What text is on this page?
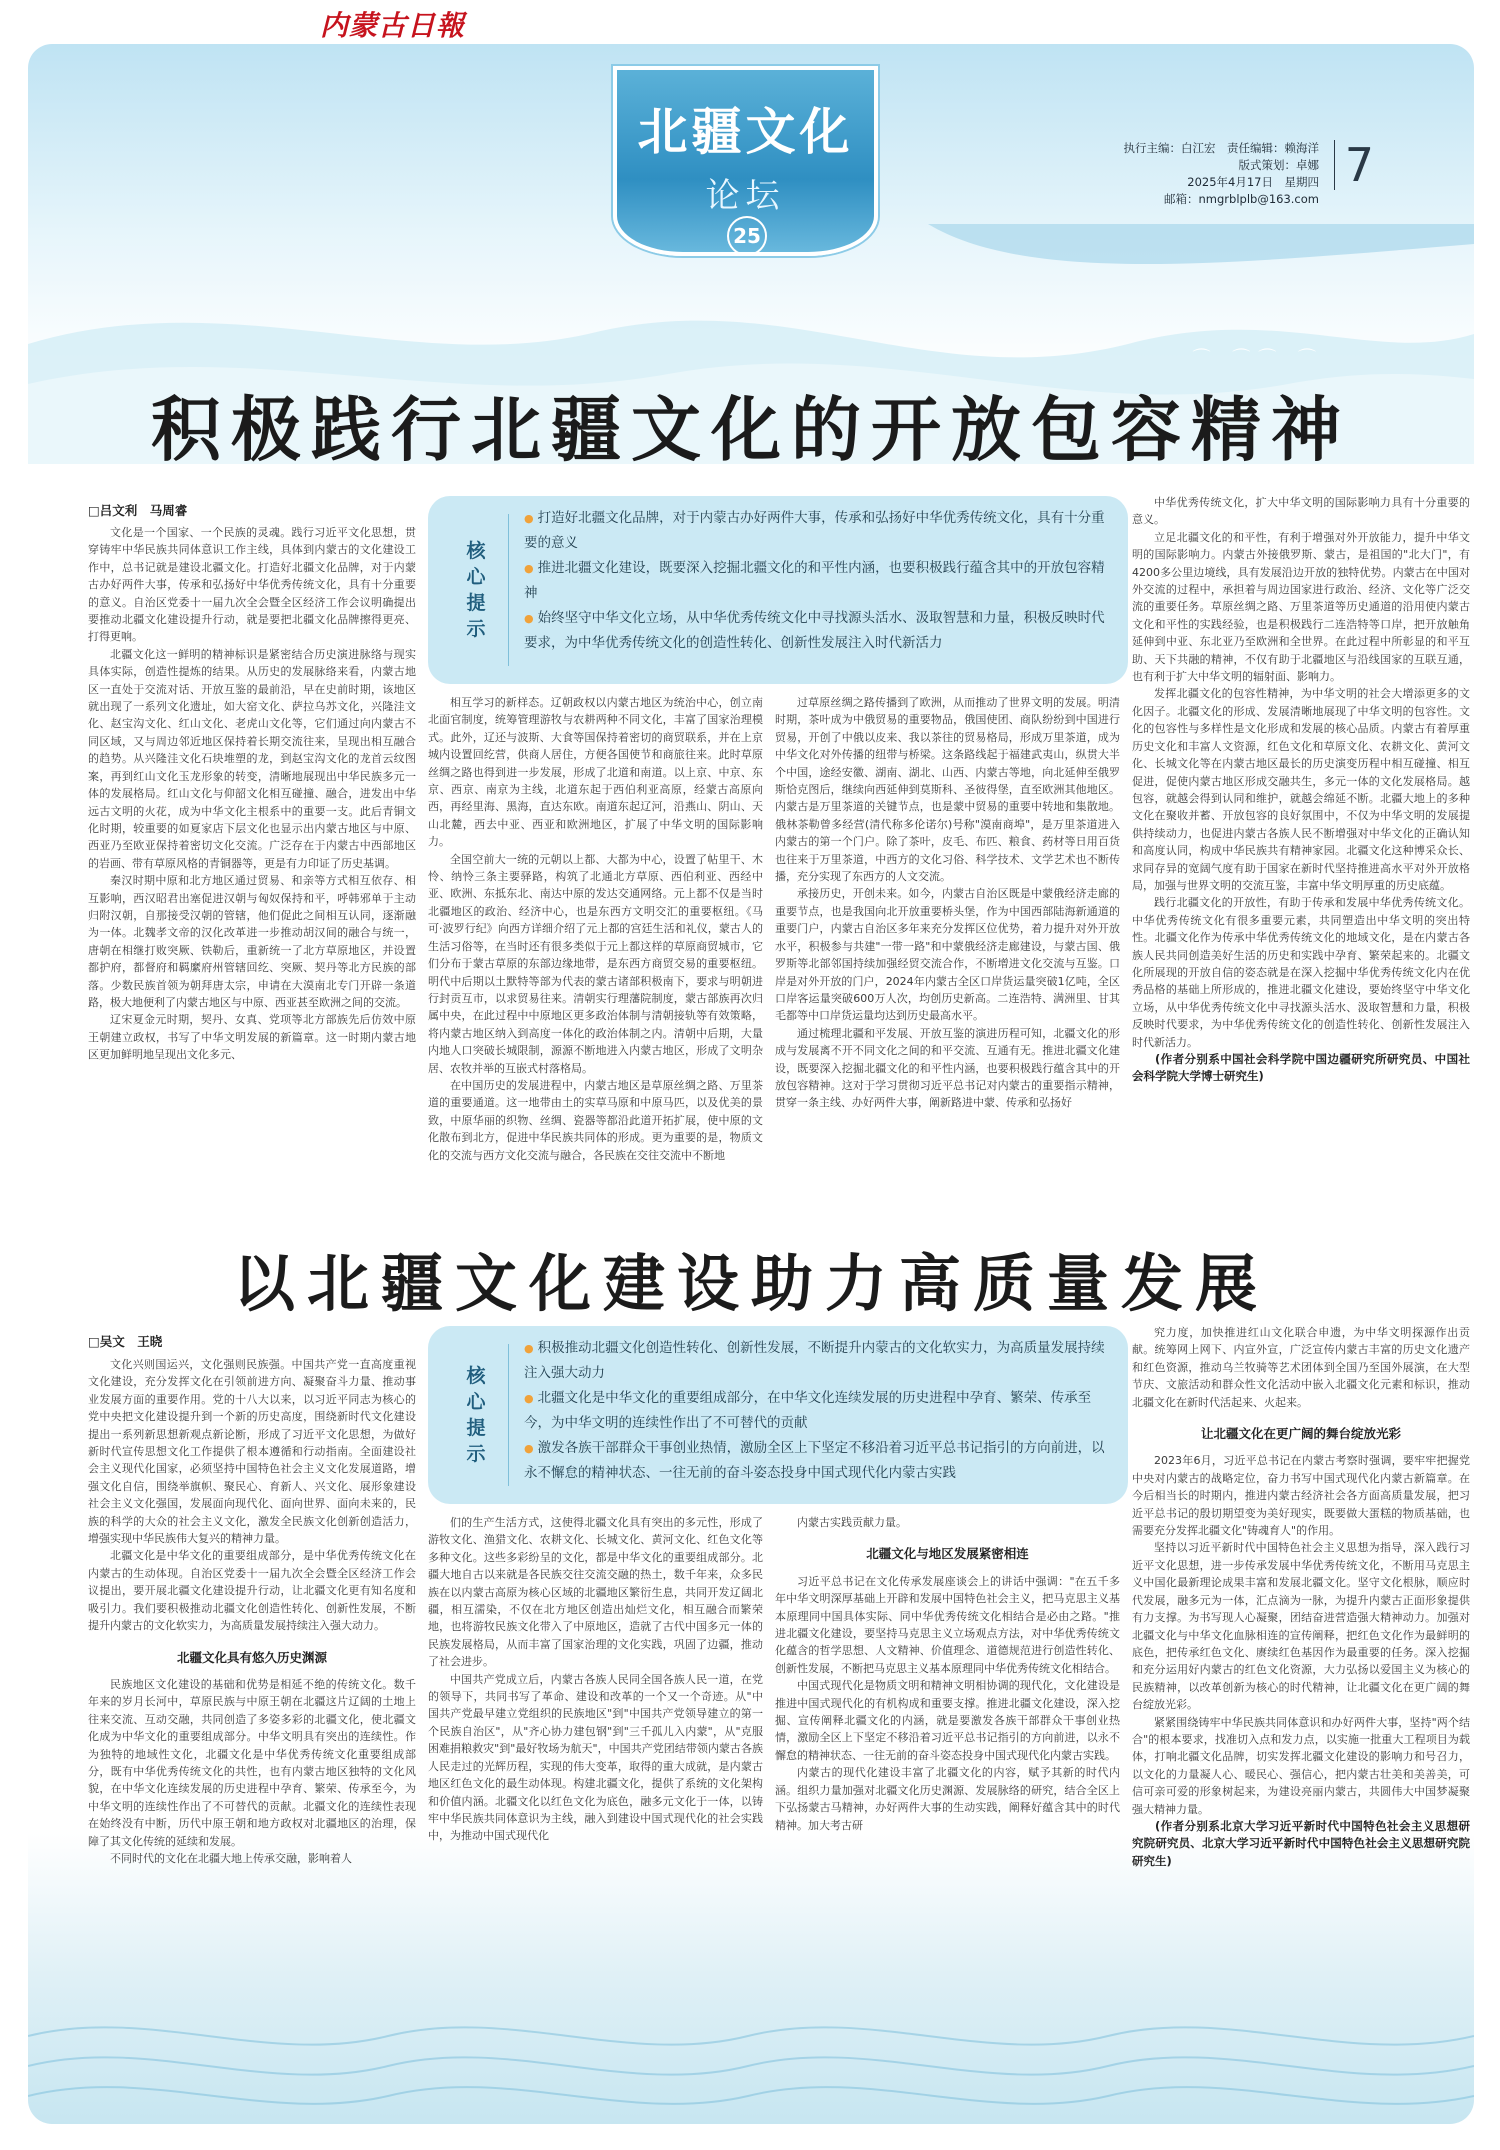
⌒ ⌒⌒ ⌒
北疆文化
论坛
25
执行主编：白江宏　责任编辑：赖海洋
版式策划：卓娜
2025年4月17日　星期四
邮箱：nmgrblplb@163.com
7
积极践行北疆文化的开放包容精神
□吕文利　马周睿
核心提示

● 打造好北疆文化品牌，对于内蒙古办好两件大事，传承和弘扬好中华优秀传统文化，具有十分重要的意义

● 推进北疆文化建设，既要深入挖掘北疆文化的和平性内涵，也要积极践行蕴含其中的开放包容精神

● 始终坚守中华文化立场，从中华优秀传统文化中寻找源头活水、汲取智慧和力量，积极反映时代要求，为中华优秀传统文化的创造性转化、创新性发展注入时代新活力

文化是一个国家、一个民族的灵魂。践行习近平文化思想，贯穿铸牢中华民族共同体意识工作主线，具体到内蒙古的文化建设工作中，总书记就是建设北疆文化。打造好北疆文化品牌，对于内蒙古办好两件大事，传承和弘扬好中华优秀传统文化，具有十分重要的意义。自治区党委十一届九次全会暨全区经济工作会议明确提出要推动北疆文化建设提升行动，就是要把北疆文化品牌擦得更亮、打得更响。

北疆文化这一鲜明的精神标识是紧密结合历史演进脉络与现实具体实际，创造性提炼的结果。从历史的发展脉络来看，内蒙古地区一直处于交流对话、开放互鉴的最前沿，早在史前时期，该地区就出现了一系列文化遗址，如大窑文化、萨拉乌苏文化，兴隆洼文化、赵宝沟文化、红山文化、老虎山文化等，它们通过向内蒙古不同区域，又与周边邻近地区保持着长期交流往来，呈现出相互融合的趋势。从兴隆洼文化石块堆塑的龙，到赵宝沟文化的龙首云纹图案，再到红山文化玉龙形象的转变，清晰地展现出中华民族多元一体的发展格局。红山文化与仰韶文化相互碰撞、融合，进发出中华远古文明的火花，成为中华文化主根系中的重要一支。此后青铜文化时期，较重要的如夏家店下层文化也显示出内蒙古地区与中原、西亚乃至欧亚保持着密切文化交流。广泛存在于内蒙古中西部地区的岩画、带有草原风格的青铜器等，更是有力印证了历史基调。

秦汉时期中原和北方地区通过贸易、和亲等方式相互依存、相互影响，西汉昭君出塞促进汉朝与匈奴保持和平，呼韩邪单于主动归附汉朝，自那接受汉朝的管辖，他们促此之间相互认同，逐渐融为一体。北魏孝文帝的汉化改革进一步推动胡汉间的融合与统一，唐朝在相继打败突厥、铁勒后，重新统一了北方草原地区，并设置都护府，都督府和羁縻府州管辖回纥、突厥、契丹等北方民族的部落。少数民族首领为朝拜唐太宗，申请在大漠南北专门开辟一条道路，极大地便利了内蒙古地区与中原、西亚甚至欧洲之间的交流。

辽宋夏金元时期，契丹、女真、党项等北方部族先后仿效中原王朝建立政权，书写了中华文明发展的新篇章。这一时期内蒙古地区更加鲜明地呈现出文化多元、

相互学习的新样态。辽朝政权以内蒙古地区为统治中心，创立南北面官制度，统筹管理游牧与农耕两种不同文化，丰富了国家治理模式。此外，辽还与波斯、大食等国保持着密切的商贸联系，并在上京城内设置回纥营，供商人居住，方便各国使节和商旅往来。此时草原丝绸之路也得到进一步发展，形成了北道和南道。以上京、中京、东京、西京、南京为主线，北道东起于西伯利亚高原，经蒙古高原向西，再经里海、黑海，直达东欧。南道东起辽河，沿燕山、阴山、天山北麓，西去中亚、西亚和欧洲地区，扩展了中华文明的国际影响力。

全国空前大一统的元朝以上都、大都为中心，设置了帖里干、木怜、纳怜三条主要驿路，构筑了北通北方草原、西伯利亚、西经中亚、欧洲、东抵东北、南达中原的发达交通网络。元上都不仅是当时北疆地区的政治、经济中心，也是东西方文明交汇的重要枢纽。《马可·波罗行纪》向西方详细介绍了元上都的宫廷生活和礼仪，蒙古人的生活习俗等，在当时还有很多类似于元上都这样的草原商贸城市，它们分布于蒙古草原的东部边缘地带，是东西方商贸交易的重要枢纽。明代中后期以土默特等部为代表的蒙古诸部积极南下，要求与明朝进行封贡互市，以求贸易往来。清朝实行理藩院制度，蒙古部族再次归属中央，在此过程中中原地区更多政治体制与清朝接轨等有效策略，将内蒙古地区纳入到高度一体化的政治体制之内。清朝中后期，大量内地人口突破长城限制，源源不断地进入内蒙古地区，形成了文明杂居、农牧并举的互嵌式村落格局。

在中国历史的发展进程中，内蒙古地区是草原丝绸之路、万里茶道的重要通道。这一地带由土的实草马原和中原马匹，以及优美的景致，中原华丽的织物、丝绸、瓷器等都沿此道开拓扩展，使中原的文化散布到北方，促进中华民族共同体的形成。更为重要的是，物质文化的交流与西方文化交流与融合，各民族在交往交流中不断地

过草原丝绸之路传播到了欧洲，从而推动了世界文明的发展。明清时期，茶叶成为中俄贸易的重要物品，俄国使团、商队纷纷到中国进行贸易，开创了中俄以皮来、我以茶往的贸易格局，形成万里茶道，成为中华文化对外传播的纽带与桥梁。这条路线起于福建武夷山，纵贯大半个中国，途经安徽、湖南、湖北、山西、内蒙古等地，向北延伸至俄罗斯恰克图后，继续向西延伸到莫斯科、圣彼得堡，直至欧洲其他地区。内蒙古是万里茶道的关键节点，也是蒙中贸易的重要中转地和集散地。俄林茶勒曾多经营(清代称多伦诺尔)号称"漠南商埠"，是万里茶道进入内蒙古的第一个门户。除了茶叶，皮毛、布匹、粮食、药材等日用百货也往来于万里茶道，中西方的文化习俗、科学技术、文学艺术也不断传播，充分实现了东西方的人文交流。

承接历史，开创未来。如今，内蒙古自治区既是中蒙俄经济走廊的重要节点，也是我国向北开放重要桥头堡，作为中国西部陆海新通道的重要门户，内蒙古自治区多年来充分发挥区位优势，着力提升对外开放水平，积极参与共建"一带一路"和中蒙俄经济走廊建设，与蒙古国、俄罗斯等北部邻国持续加强经贸交流合作，不断增进文化交流与互鉴。口岸是对外开放的门户，2024年内蒙古全区口岸货运量突破1亿吨，全区口岸客运量突破600万人次，均创历史新高。二连浩特、满洲里、甘其毛都等中口岸货运量均达到历史最高水平。

通过梳理北疆和平发展、开放互鉴的演进历程可知，北疆文化的形成与发展离不开不同文化之间的和平交流、互通有无。推进北疆文化建设，既要深入挖掘北疆文化的和平性内涵，也要积极践行蕴含其中的开放包容精神。这对于学习贯彻习近平总书记对内蒙古的重要指示精神，贯穿一条主线、办好两件大事，阐新路进中蒙、传承和弘扬好

中华优秀传统文化，扩大中华文明的国际影响力具有十分重要的意义。

立足北疆文化的和平性，有利于增强对外开放能力，提升中华文明的国际影响力。内蒙古外接俄罗斯、蒙古，是祖国的"北大门"，有4200多公里边境线，具有发展沿边开放的独特优势。内蒙古在中国对外交流的过程中，承担着与周边国家进行政治、经济、文化等广泛交流的重要任务。草原丝绸之路、万里茶道等历史通道的沿用使内蒙古文化和平性的实践经验，也是积极践行二连浩特等口岸，把开放触角延伸到中亚、东北亚乃至欧洲和全世界。在此过程中所彰显的和平互助、天下共融的精神，不仅有助于北疆地区与沿线国家的互联互通，也有利于扩大中华文明的辐射面、影响力。

发挥北疆文化的包容性精神，为中华文明的社会大增添更多的文化因子。北疆文化的形成、发展清晰地展现了中华文明的包容性。文化的包容性与多样性是文化形成和发展的核心品质。内蒙古有着厚重历史文化和丰富人文资源，红色文化和草原文化、农耕文化、黄河文化、长城文化等在内蒙古地区最长的历史演变历程中相互碰撞、相互促进，促使内蒙古地区形成交融共生，多元一体的文化发展格局。越包容，就越会得到认同和维护，就越会绵延不断。北疆大地上的多种文化在聚收并蓄、开放包容的良好氛围中，不仅为中华文明的发展提供持续动力，也促进内蒙古各族人民不断增强对中华文化的正确认知和高度认同，构成中华民族共有精神家园。北疆文化这种博采众长、求同存异的宽阔气度有助于国家在新时代坚持推进高水平对外开放格局，加强与世界文明的交流互鉴，丰富中华文明厚重的历史底蕴。

践行北疆文化的开放性，有助于传承和发展中华优秀传统文化。中华优秀传统文化有很多重要元素，共同塑造出中华文明的突出特性。北疆文化作为传承中华优秀传统文化的地域文化，是在内蒙古各族人民共同创造美好生活的历史和实践中孕育、繁荣起来的。北疆文化所展现的开放自信的姿态就是在深入挖掘中华优秀传统文化内在优秀品格的基础上所形成的，推进北疆文化建设，要始终坚守中华文化立场，从中华优秀传统文化中寻找源头活水、汲取智慧和力量，积极反映时代要求，为中华优秀传统文化的创造性转化、创新性发展注入时代新活力。

(作者分别系中国社会科学院中国边疆研究所研究员、中国社会科学院大学博士研究生)

以北疆文化建设助力高质量发展
□吴文　王晓
核心提示

● 积极推动北疆文化创造性转化、创新性发展，不断提升内蒙古的文化软实力，为高质量发展持续注入强大动力

● 北疆文化是中华文化的重要组成部分，在中华文化连续发展的历史进程中孕育、繁荣、传承至今，为中华文明的连续性作出了不可替代的贡献

● 激发各族干部群众干事创业热情，激励全区上下坚定不移沿着习近平总书记指引的方向前进，以永不懈怠的精神状态、一往无前的奋斗姿态投身中国式现代化内蒙古实践

文化兴则国运兴，文化强则民族强。中国共产党一直高度重视文化建设，充分发挥文化在引领前进方向、凝聚奋斗力量、推动事业发展方面的重要作用。党的十八大以来，以习近平同志为核心的党中央把文化建设提升到一个新的历史高度，围绕新时代文化建设提出一系列新思想新观点新论断，形成了习近平文化思想，为做好新时代宣传思想文化工作提供了根本遵循和行动指南。全面建设社会主义现代化国家，必须坚持中国特色社会主义文化发展道路，增强文化自信，围绕举旗帜、聚民心、育新人、兴文化、展形象建设社会主义文化强国，发展面向现代化、面向世界、面向未来的，民族的科学的大众的社会主义文化，激发全民族文化创新创造活力，增强实现中华民族伟大复兴的精神力量。

北疆文化是中华文化的重要组成部分，是中华优秀传统文化在内蒙古的生动体现。自治区党委十一届九次全会暨全区经济工作会议提出，要开展北疆文化建设提升行动，让北疆文化更有知名度和吸引力。我们要积极推动北疆文化创造性转化、创新性发展，不断提升内蒙古的文化软实力，为高质量发展持续注入强大动力。

北疆文化具有悠久历史渊源

民族地区文化建设的基础和优势是相延不绝的传统文化。数千年来的岁月长河中，草原民族与中原王朝在北疆这片辽阔的土地上往来交流、互动交融，共同创造了多姿多彩的北疆文化，使北疆文化成为中华文化的重要组成部分。中华文明具有突出的连续性。作为独特的地域性文化，北疆文化是中华优秀传统文化重要组成部分，既有中华优秀传统文化的共性，也有内蒙古地区独特的文化风貌，在中华文化连续发展的历史进程中孕育、繁荣、传承至今，为中华文明的连续性作出了不可替代的贡献。北疆文化的连续性表现在始终没有中断，历代中原王朝和地方政权对北疆地区的治理，保障了其文化传统的延续和发展。

不同时代的文化在北疆大地上传承交融，影响着人

们的生产生活方式，这使得北疆文化具有突出的多元性，形成了游牧文化、渔猎文化、农耕文化、长城文化、黄河文化、红色文化等多种文化。这些多彩纷呈的文化，都是中华文化的重要组成部分。北疆大地自古以来就是各民族交往交流交融的热土，数千年来，众多民族在以内蒙古高原为核心区域的北疆地区繁衍生息，共同开发辽阔北疆，相互濡染，不仅在北方地区创造出灿烂文化，相互融合而繁荣地，也将游牧民族文化带入了中原地区，造就了古代中国多元一体的民族发展格局，从而丰富了国家治理的文化实践，巩固了边疆，推动了社会进步。

中国共产党成立后，内蒙古各族人民同全国各族人民一道，在党的领导下，共同书写了革命、建设和改革的一个又一个奇迹。从"中国共产党最早建立党组织的民族地区"到"中国共产党领导建立的第一个民族自治区"，从"齐心协力建包钢"到"三千孤儿入内蒙"，从"克服困难捐粮救灾"到"最好牧场为航天"，中国共产党团结带领内蒙古各族人民走过的光辉历程，实现的伟大变革，取得的重大成就，是内蒙古地区红色文化的最生动体现。构建北疆文化，提供了系统的文化架构和价值内涵。北疆文化以红色文化为底色，融多元文化于一体，以铸牢中华民族共同体意识为主线，融入到建设中国式现代化的社会实践中，为推动中国式现代化

内蒙古实践贡献力量。

北疆文化与地区发展紧密相连

习近平总书记在文化传承发展座谈会上的讲话中强调："在五千多年中华文明深厚基础上开辟和发展中国特色社会主义，把马克思主义基本原理同中国具体实际、同中华优秀传统文化相结合是必由之路。"推进北疆文化建设，要坚持马克思主义立场观点方法，对中华优秀传统文化蕴含的哲学思想、人文精神、价值理念、道德规范进行创造性转化、创新性发展，不断把马克思主义基本原理同中华优秀传统文化相结合。

中国式现代化是物质文明和精神文明相协调的现代化，文化建设是推进中国式现代化的有机构成和重要支撑。推进北疆文化建设，深入挖掘、宣传阐释北疆文化的内涵，就是要激发各族干部群众干事创业热情，激励全区上下坚定不移沿着习近平总书记指引的方向前进，以永不懈怠的精神状态、一往无前的奋斗姿态投身中国式现代化内蒙古实践。

内蒙古的现代化建设丰富了北疆文化的内容，赋予其新的时代内涵。组织力量加强对北疆文化历史渊源、发展脉络的研究，结合全区上下弘扬蒙古马精神，办好两件大事的生动实践，阐释好蕴含其中的时代精神。加大考古研

究力度，加快推进红山文化联合申遗，为中华文明探源作出贡献。统筹网上网下、内宣外宣，广泛宣传内蒙古丰富的历史文化遗产和红色资源，推动乌兰牧骑等艺术团体到全国乃至国外展演，在大型节庆、文旅活动和群众性文化活动中嵌入北疆文化元素和标识，推动北疆文化在新时代活起来、火起来。

让北疆文化在更广阔的舞台绽放光彩

2023年6月，习近平总书记在内蒙古考察时强调，要牢牢把握党中央对内蒙古的战略定位，奋力书写中国式现代化内蒙古新篇章。在今后相当长的时期内，推进内蒙古经济社会各方面高质量发展，把习近平总书记的殷切期望变为美好现实，既要做大蛋糕的物质基础，也需要充分发挥北疆文化"铸魂育人"的作用。

坚持以习近平新时代中国特色社会主义思想为指导，深入践行习近平文化思想，进一步传承发展中华优秀传统文化，不断用马克思主义中国化最新理论成果丰富和发展北疆文化。坚守文化根脉，顺应时代发展，融多元为一体，汇点滴为一脉，为提升内蒙古正面形象提供有力支撑。为书写现人心凝聚，团结奋进营造强大精神动力。加强对北疆文化与中华文化血脉相连的宣传阐释，把红色文化作为最鲜明的底色，把传承红色文化、赓续红色基因作为最重要的任务。深入挖掘和充分运用好内蒙古的红色文化资源，大力弘扬以爱国主义为核心的民族精神，以改革创新为核心的时代精神，让北疆文化在更广阔的舞台绽放光彩。

紧紧围绕铸牢中华民族共同体意识和办好两件大事，坚持"两个结合"的根本要求，找准切入点和发力点，以实施一批重大工程项目为载体，打响北疆文化品牌，切实发挥北疆文化建设的影响力和号召力，以文化的力量凝人心、暖民心、强信心，把内蒙古壮美和美善美，可信可亲可爱的形象树起来，为建设亮丽内蒙古，共圆伟大中国梦凝聚强大精神力量。

(作者分别系北京大学习近平新时代中国特色社会主义思想研究院研究员、北京大学习近平新时代中国特色社会主义思想研究院研究生)

内蒙古日報
